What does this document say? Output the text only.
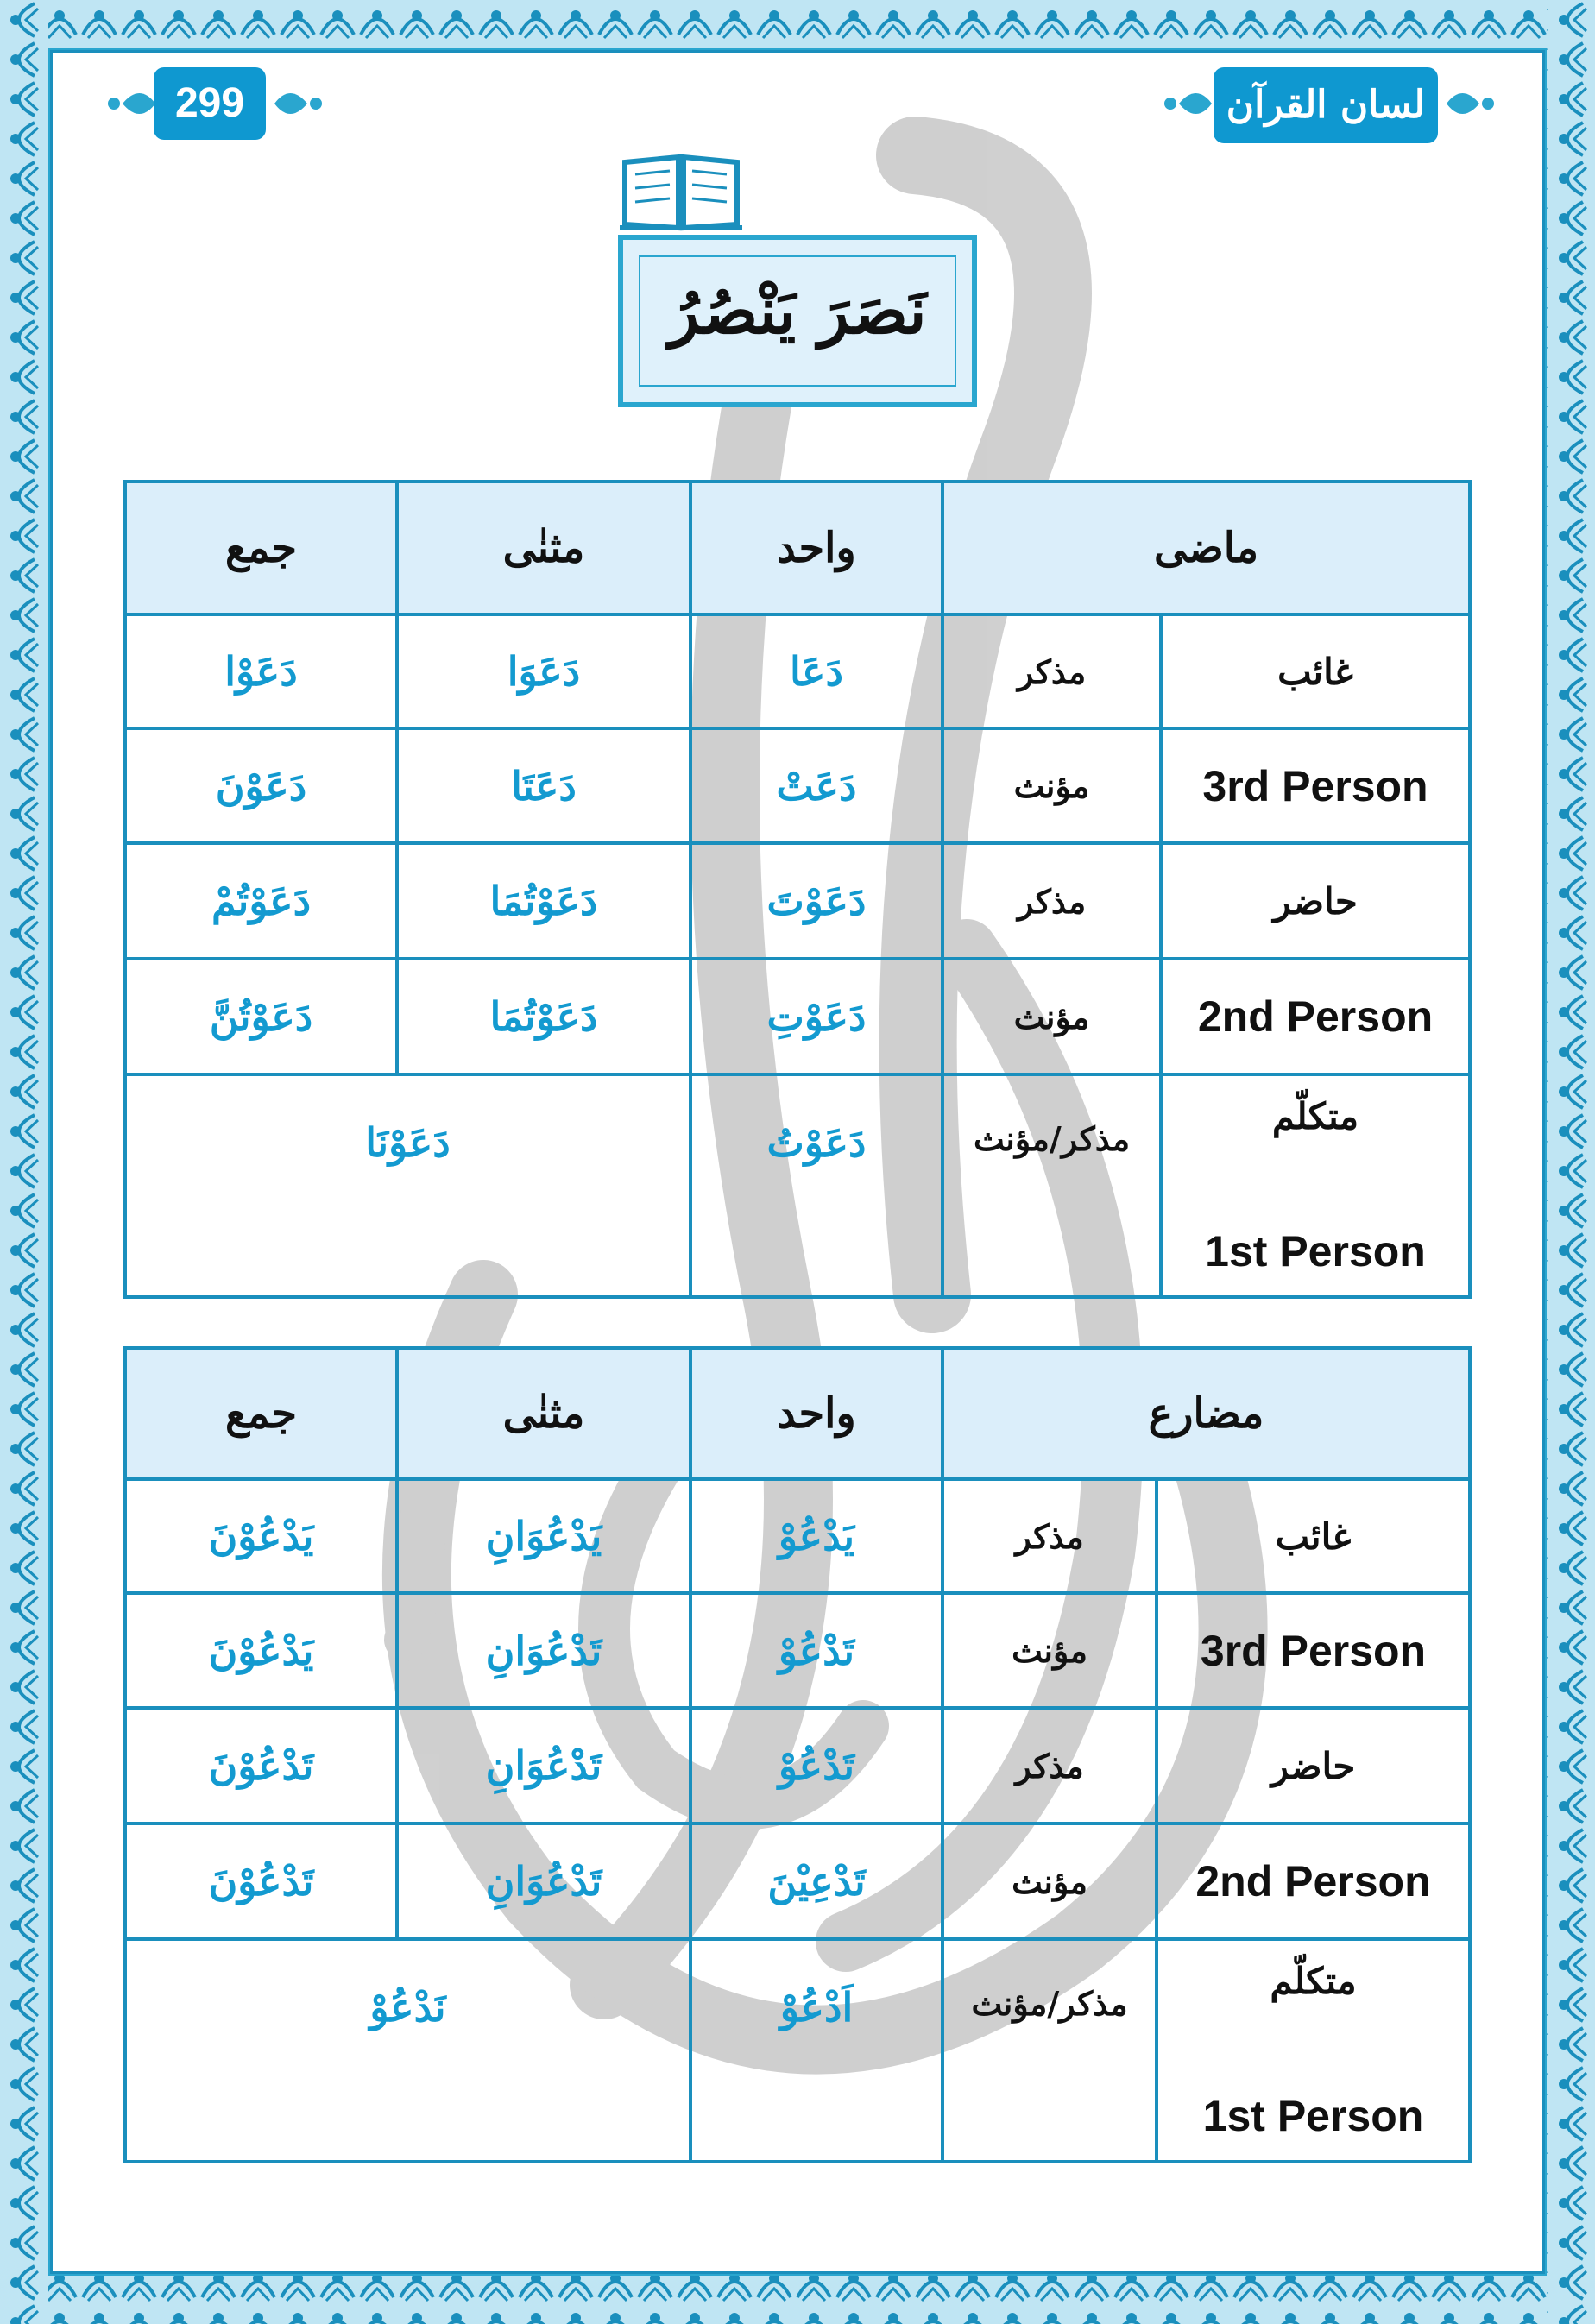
299	لسان القرآن
نَصَرَ يَنْصُرُ
جمع	مثنٰی	واحد	ماضی	
دَعَوْا	دَعَوَا	دَعَا	مذکر	غائب
دَعَوْنَ	دَعَتَا	دَعَتْ	مؤنث	3rd Person
دَعَوْتُمْ	دَعَوْتُمَا	دَعَوْتَ	مذکر	حاضر
دَعَوْتُنَّ	دَعَوْتُمَا	دَعَوْتِ	مؤنث	2nd Person
دَعَوْنَا		دَعَوْتُ	مذکر/مؤنث	متکلّم
1st Person
جمع	مثنٰی	واحد	مضارع	
يَدْعُوْنَ	يَدْعُوَانِ	يَدْعُوْ	مذکر	غائب
يَدْعُوْنَ	تَدْعُوَانِ	تَدْعُوْ	مؤنث	3rd Person
تَدْعُوْنَ	تَدْعُوَانِ	تَدْعُوْ	مذکر	حاضر
تَدْعُوْنَ	تَدْعُوَانِ	تَدْعِيْنَ	مؤنث	2nd Person
نَدْعُوْ		اَدْعُوْ	مذکر/مؤنث	متکلّم
1st Person
